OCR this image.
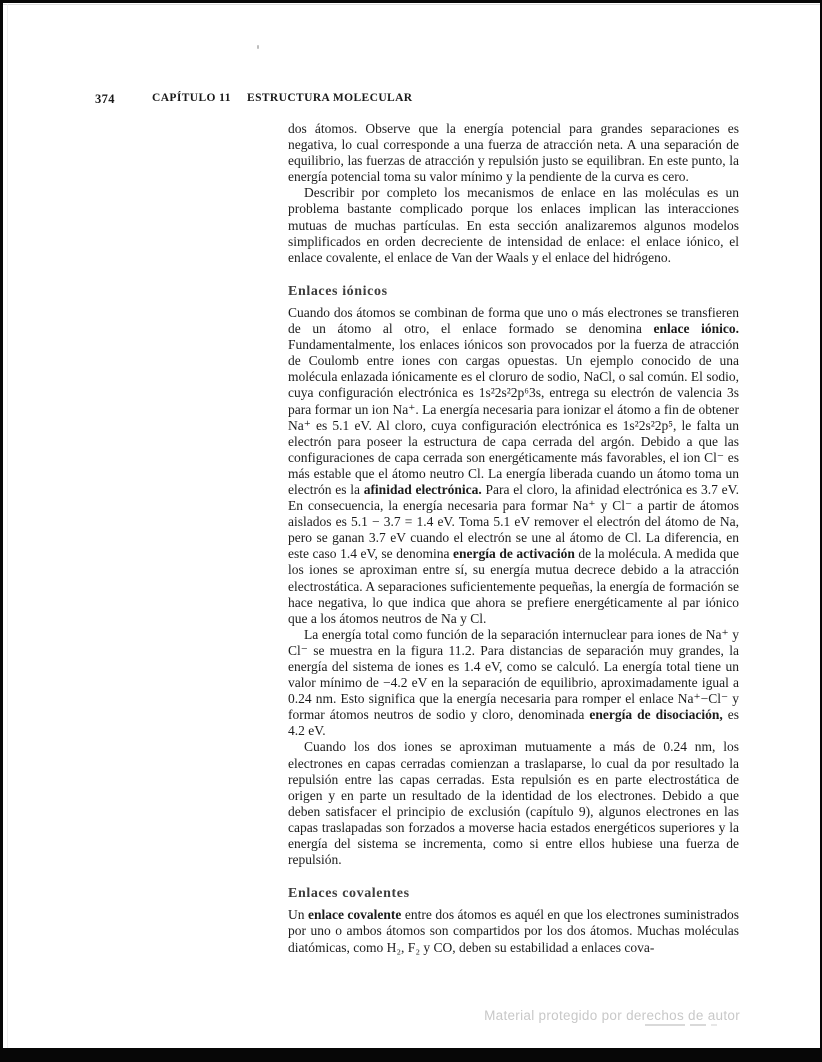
374	CAPÍTULO 11 ESTRUCTURA MOLECULAR

dos átomos. Observe que la energía potencial para grandes separaciones es negativa, lo cual corresponde a una fuerza de atracción neta. A una separación de equilibrio, las fuerzas de atracción y repulsión justo se equilibran. En este punto, la energía potencial toma su valor mínimo y la pendiente de la curva es cero.

Describir por completo los mecanismos de enlace en las moléculas es un problema bastante complicado porque los enlaces implican las interacciones mutuas de muchas partículas. En esta sección analizaremos algunos modelos simplificados en orden decreciente de intensidad de enlace: el enlace iónico, el enlace covalente, el enlace de Van der Waals y el enlace del hidrógeno.

Enlaces iónicos

Cuando dos átomos se combinan de forma que uno o más electrones se transfieren de un átomo al otro, el enlace formado se denomina enlace iónico. Fundamentalmente, los enlaces iónicos son provocados por la fuerza de atracción de Coulomb entre iones con cargas opuestas. Un ejemplo conocido de una molécula enlazada iónicamente es el cloruro de sodio, NaCl, o sal común. El sodio, cuya configuración electrónica es 1s²2s²2p⁶3s, entrega su electrón de valencia 3s para formar un ion Na⁺. La energía necesaria para ionizar el átomo a fin de obtener Na⁺ es 5.1 eV. Al cloro, cuya configuración electrónica es 1s²2s²2p⁵, le falta un electrón para poseer la estructura de capa cerrada del argón. Debido a que las configuraciones de capa cerrada son energéticamente más favorables, el ion Cl⁻ es más estable que el átomo neutro Cl. La energía liberada cuando un átomo toma un electrón es la afinidad electrónica. Para el cloro, la afinidad electrónica es 3.7 eV. En consecuencia, la energía necesaria para formar Na⁺ y Cl⁻ a partir de átomos aislados es 5.1 − 3.7 = 1.4 eV. Toma 5.1 eV remover el electrón del átomo de Na, pero se ganan 3.7 eV cuando el electrón se une al átomo de Cl. La diferencia, en este caso 1.4 eV, se denomina energía de activación de la molécula. A medida que los iones se aproximan entre sí, su energía mutua decrece debido a la atracción electrostática. A separaciones suficientemente pequeñas, la energía de formación se hace negativa, lo que indica que ahora se prefiere energéticamente al par iónico que a los átomos neutros de Na y Cl.

La energía total como función de la separación internuclear para iones de Na⁺ y Cl⁻ se muestra en la figura 11.2. Para distancias de separación muy grandes, la energía del sistema de iones es 1.4 eV, como se calculó. La energía total tiene un valor mínimo de −4.2 eV en la separación de equilibrio, aproximadamente igual a 0.24 nm. Esto significa que la energía necesaria para romper el enlace Na⁺−Cl⁻ y formar átomos neutros de sodio y cloro, denominada energía de disociación, es 4.2 eV.

Cuando los dos iones se aproximan mutuamente a más de 0.24 nm, los electrones en capas cerradas comienzan a traslaparse, lo cual da por resultado la repulsión entre las capas cerradas. Esta repulsión es en parte electrostática de origen y en parte un resultado de la identidad de los electrones. Debido a que deben satisfacer el principio de exclusión (capítulo 9), algunos electrones en las capas traslapadas son forzados a moverse hacia estados energéticos superiores y la energía del sistema se incrementa, como si entre ellos hubiese una fuerza de repulsión.

Enlaces covalentes

Un enlace covalente entre dos átomos es aquél en que los electrones suministrados por uno o ambos átomos son compartidos por los dos átomos. Muchas moléculas diatómicas, como H₂, F₂ y CO, deben su estabilidad a enlaces cova-

Material protegido por derechos de autor
